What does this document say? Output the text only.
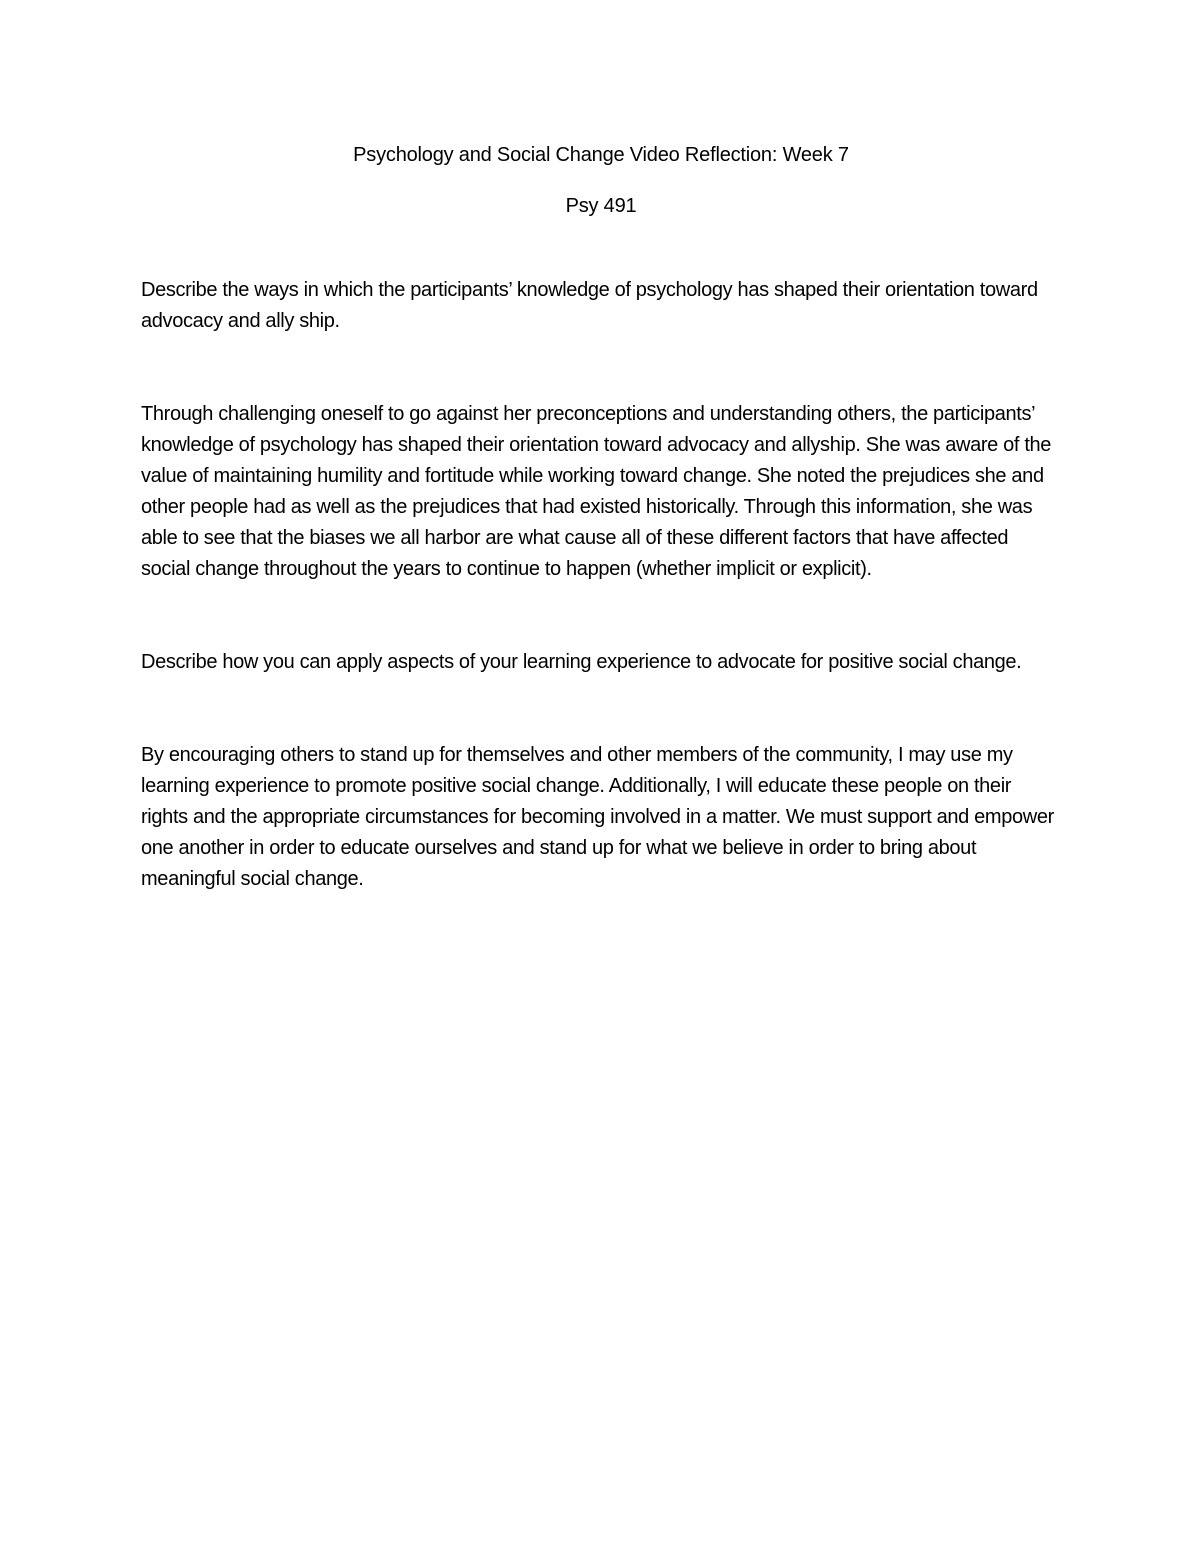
Psychology and Social Change Video Reflection: Week 7

Psy 491

Describe the ways in which the participants’ knowledge of psychology has shaped their orientation toward advocacy and ally ship.

Through challenging oneself to go against her preconceptions and understanding others, the participants’ knowledge of psychology has shaped their orientation toward advocacy and allyship. She was aware of the value of maintaining humility and fortitude while working toward change. She noted the prejudices she and other people had as well as the prejudices that had existed historically. Through this information, she was able to see that the biases we all harbor are what cause all of these different factors that have affected social change throughout the years to continue to happen (whether implicit or explicit).

Describe how you can apply aspects of your learning experience to advocate for positive social change.

By encouraging others to stand up for themselves and other members of the community, I may use my learning experience to promote positive social change. Additionally, I will educate these people on their rights and the appropriate circumstances for becoming involved in a matter. We must support and empower one another in order to educate ourselves and stand up for what we believe in order to bring about meaningful social change.
